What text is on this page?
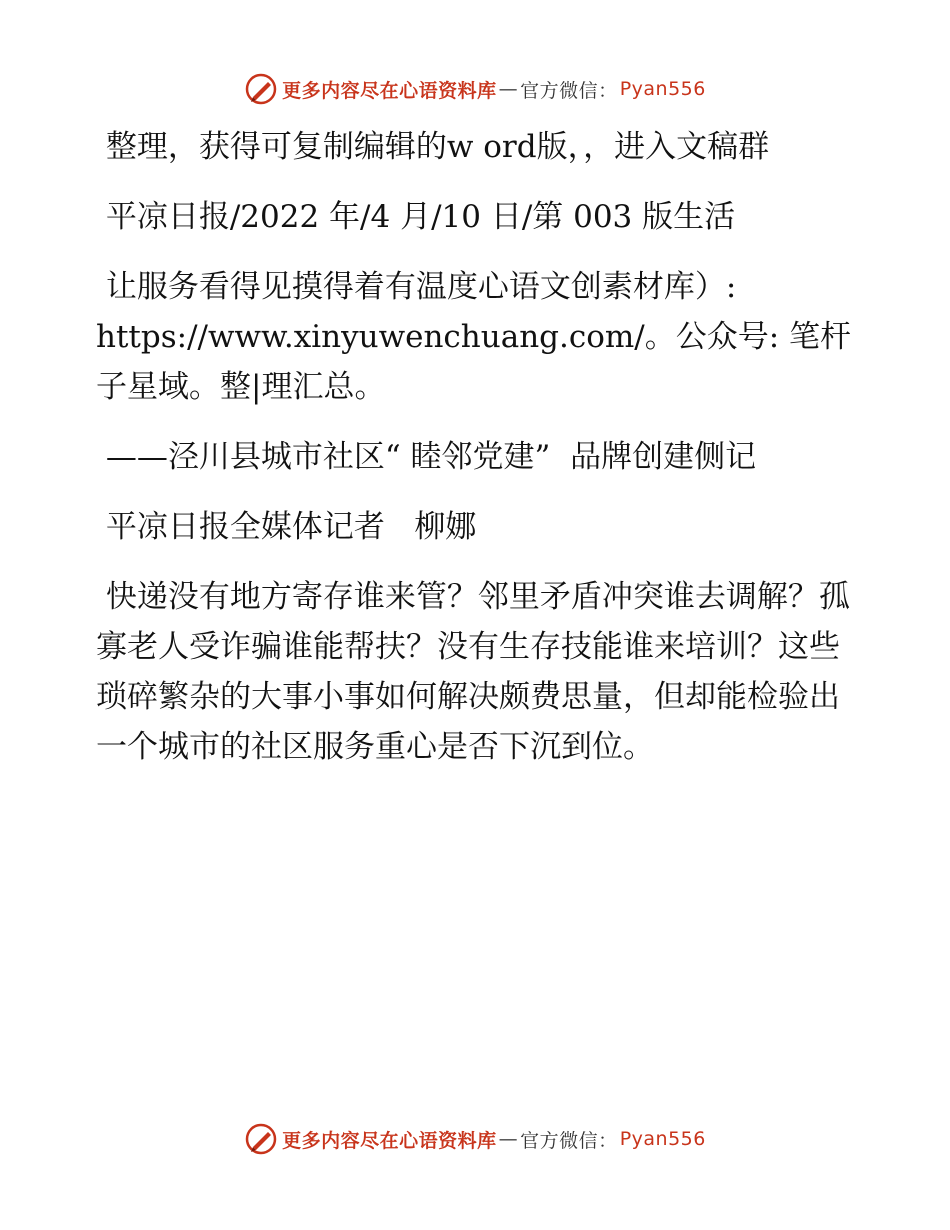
更多内容尽在心语资料库 — 官方微信： Pyan556

整理，获得可复制编辑的w ord版，，进入文稿群

平凉日报/2022 年/4 月/10 日/第 003 版生活

让服务看得见摸得着有温度心语文创素材库）: https://www.xinyuwenchuang.com/。公众号: 笔杆子星域。整|理汇总。

——泾川县城市社区“ 睦邻党建”  品牌创建侧记

平凉日报全媒体记者   柳娜

快递没有地方寄存谁来管？邻里矛盾冲突谁去调解？孤寡老人受诈骗谁能帮扶？没有生存技能谁来培训？这些琐碎繁杂的大事小事如何解决颇费思量，但却能检验出一个城市的社区服务重心是否下沉到位。

更多内容尽在心语资料库 — 官方微信： Pyan556
